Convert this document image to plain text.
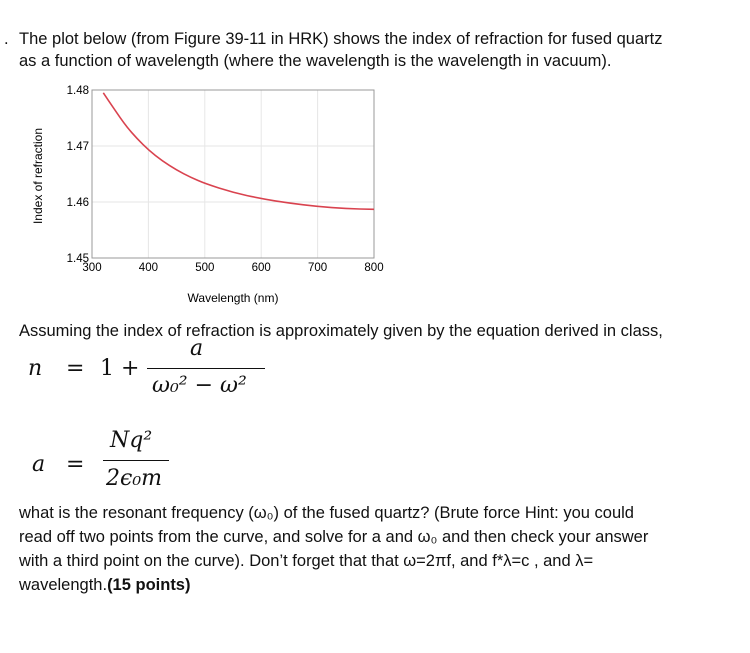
. The plot below (from Figure 39-11 in HRK) shows the index of refraction for fused quartz
as a function of wavelength (where the wavelength is the wavelength in vacuum).
1.45
1.46
1.47
1.48
300	400	500	600	700	800
Wavelength (nm)
Index of refraction
Assuming the index of refraction is approximately given by the equation derived in class,
n = 1 +
a
ω₀² − ω²
a =
Nq²
2ϵ₀m
what is the resonant frequency (ω₀) of the fused quartz? (Brute force Hint: you could
read off two points from the curve, and solve for a and ω₀ and then check your answer
with a third point on the curve). Don’t forget that that ω=2πf, and f*λ=c , and λ=
wavelength.(15 points)
